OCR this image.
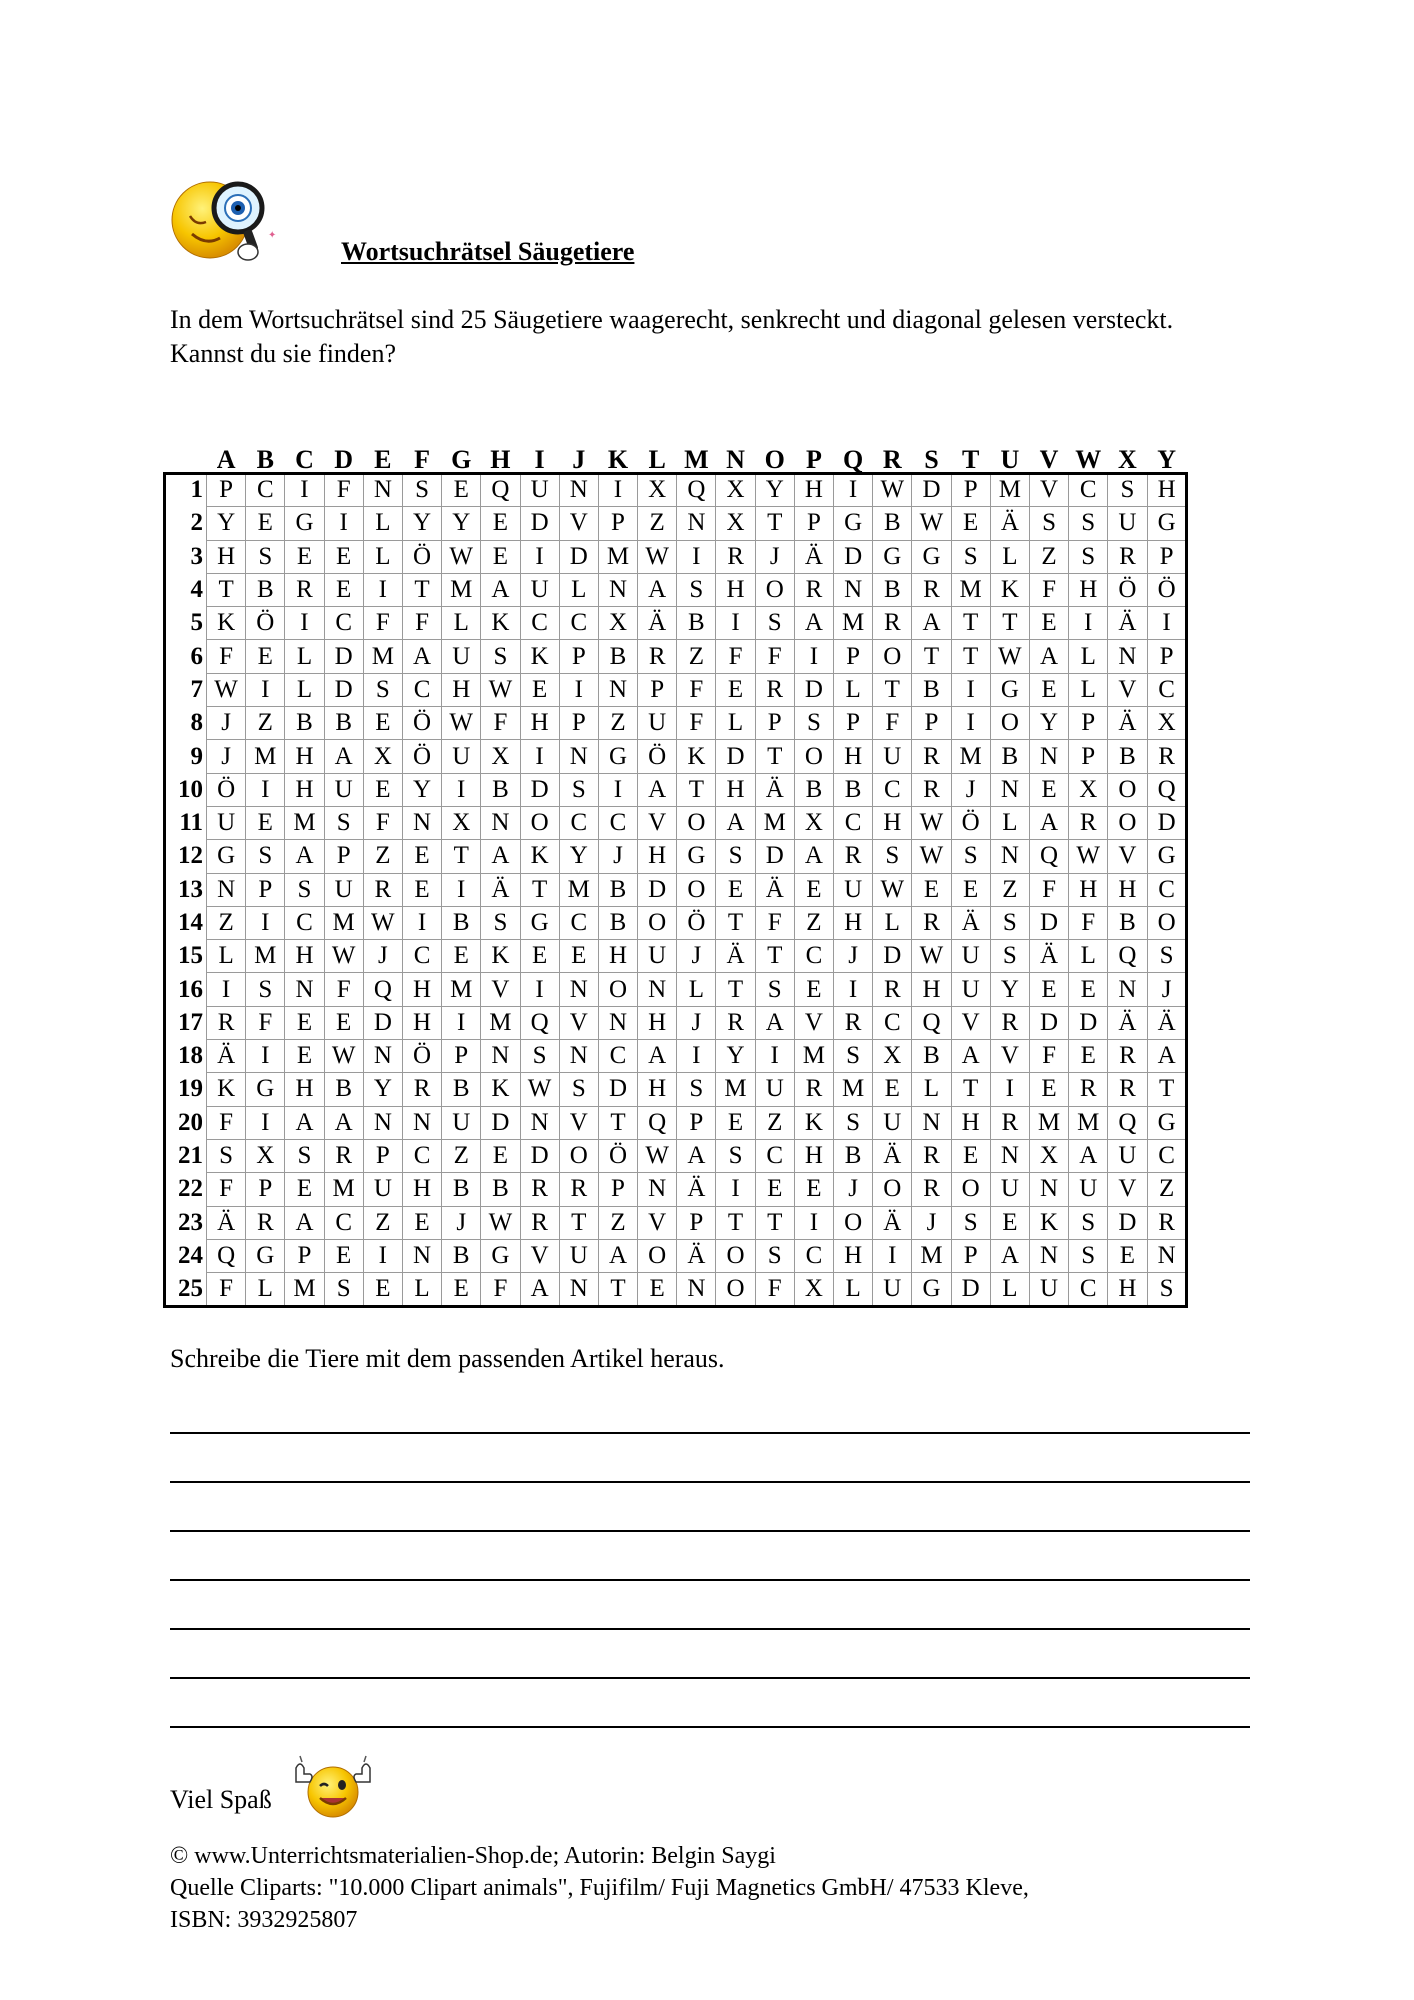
✦
Wortsuchrätsel Säugetiere
In dem Wortsuchrätsel sind 25 Säugetiere waagerecht, senkrecht und diagonal gelesen versteckt. Kannst du sie finden?
	A	B	C	D	E	F	G	H	I	J	K	L	M	N	O	P	Q	R	S	T	U	V	W	X	Y
1	P	C	I	F	N	S	E	Q	U	N	I	X	Q	X	Y	H	I	W	D	P	M	V	C	S	H
2	Y	E	G	I	L	Y	Y	E	D	V	P	Z	N	X	T	P	G	B	W	E	Ä	S	S	U	G
3	H	S	E	E	L	Ö	W	E	I	D	M	W	I	R	J	Ä	D	G	G	S	L	Z	S	R	P
4	T	B	R	E	I	T	M	A	U	L	N	A	S	H	O	R	N	B	R	M	K	F	H	Ö	Ö
5	K	Ö	I	C	F	F	L	K	C	C	X	Ä	B	I	S	A	M	R	A	T	T	E	I	Ä	I
6	F	E	L	D	M	A	U	S	K	P	B	R	Z	F	F	I	P	O	T	T	W	A	L	N	P
7	W	I	L	D	S	C	H	W	E	I	N	P	F	E	R	D	L	T	B	I	G	E	L	V	C
8	J	Z	B	B	E	Ö	W	F	H	P	Z	U	F	L	P	S	P	F	P	I	O	Y	P	Ä	X
9	J	M	H	A	X	Ö	U	X	I	N	G	Ö	K	D	T	O	H	U	R	M	B	N	P	B	R
10	Ö	I	H	U	E	Y	I	B	D	S	I	A	T	H	Ä	B	B	C	R	J	N	E	X	O	Q
11	U	E	M	S	F	N	X	N	O	C	C	V	O	A	M	X	C	H	W	Ö	L	A	R	O	D
12	G	S	A	P	Z	E	T	A	K	Y	J	H	G	S	D	A	R	S	W	S	N	Q	W	V	G
13	N	P	S	U	R	E	I	Ä	T	M	B	D	O	E	Ä	E	U	W	E	E	Z	F	H	H	C
14	Z	I	C	M	W	I	B	S	G	C	B	O	Ö	T	F	Z	H	L	R	Ä	S	D	F	B	O
15	L	M	H	W	J	C	E	K	E	E	H	U	J	Ä	T	C	J	D	W	U	S	Ä	L	Q	S
16	I	S	N	F	Q	H	M	V	I	N	O	N	L	T	S	E	I	R	H	U	Y	E	E	N	J
17	R	F	E	E	D	H	I	M	Q	V	N	H	J	R	A	V	R	C	Q	V	R	D	D	Ä	Ä
18	Ä	I	E	W	N	Ö	P	N	S	N	C	A	I	Y	I	M	S	X	B	A	V	F	E	R	A
19	K	G	H	B	Y	R	B	K	W	S	D	H	S	M	U	R	M	E	L	T	I	E	R	R	T
20	F	I	A	A	N	N	U	D	N	V	T	Q	P	E	Z	K	S	U	N	H	R	M	M	Q	G
21	S	X	S	R	P	C	Z	E	D	O	Ö	W	A	S	C	H	B	Ä	R	E	N	X	A	U	C
22	F	P	E	M	U	H	B	B	R	R	P	N	Ä	I	E	E	J	O	R	O	U	N	U	V	Z
23	Ä	R	A	C	Z	E	J	W	R	T	Z	V	P	T	T	I	O	Ä	J	S	E	K	S	D	R
24	Q	G	P	E	I	N	B	G	V	U	A	O	Ä	O	S	C	H	I	M	P	A	N	S	E	N
25	F	L	M	S	E	L	E	F	A	N	T	E	N	O	F	X	L	U	G	D	L	U	C	H	S
Schreibe die Tiere mit dem passenden Artikel heraus.
Viel Spaß
© www.Unterrichtsmaterialien-Shop.de; Autorin: Belgin Saygi
Quelle Cliparts: "10.000 Clipart animals", Fujifilm/ Fuji Magnetics GmbH/ 47533 Kleve,
ISBN: 3932925807
